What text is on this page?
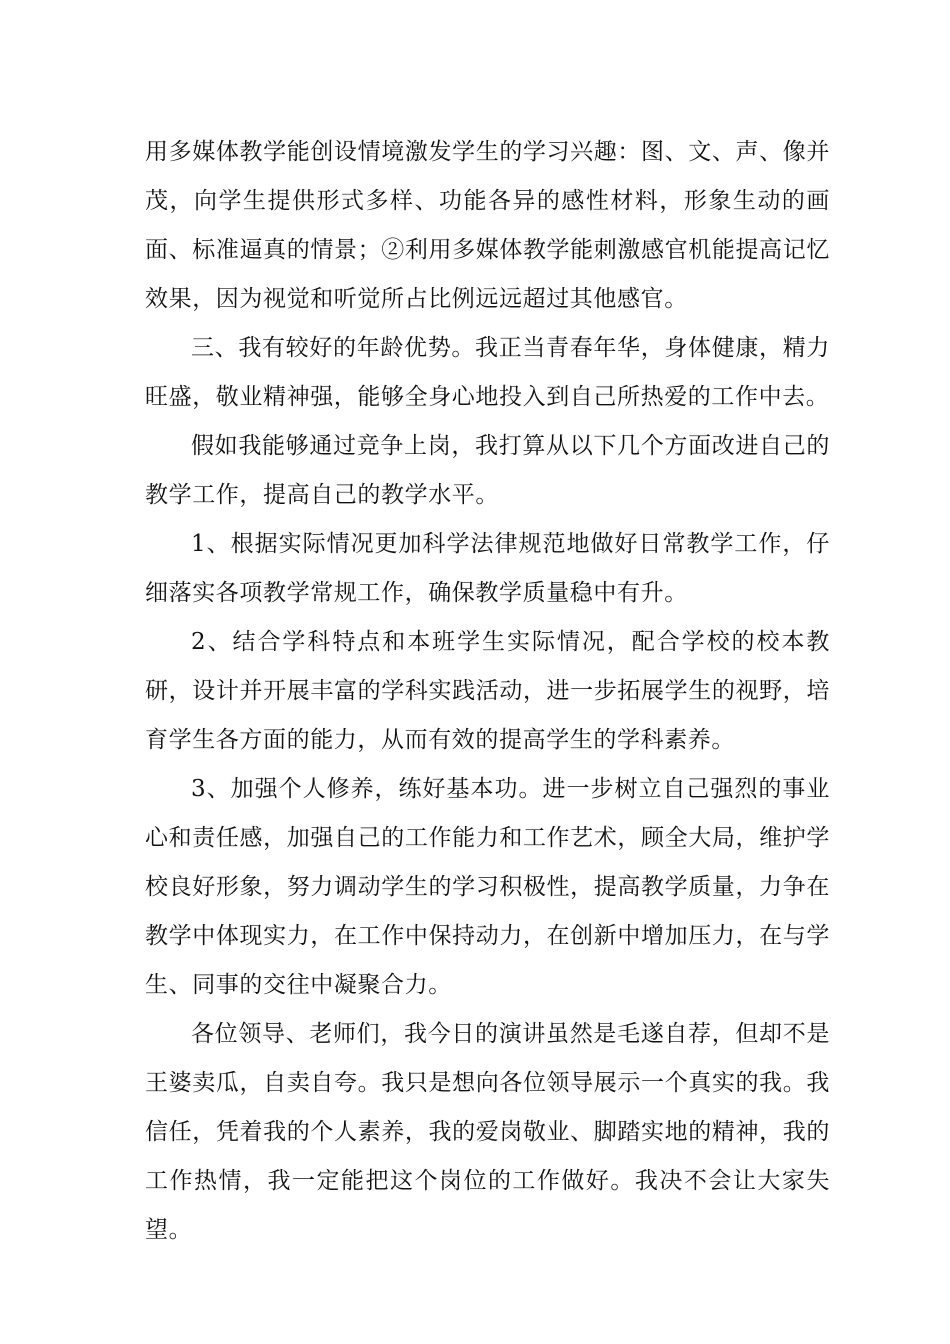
用多媒体教学能创设情境激发学生的学习兴趣：图、文、声、像并茂，向学生提供形式多样、功能各异的感性材料，形象生动的画面、标准逼真的情景；②利用多媒体教学能刺激感官机能提高记忆效果，因为视觉和听觉所占比例远远超过其他感官。

三、我有较好的年龄优势。我正当青春年华，身体健康，精力旺盛，敬业精神强，能够全身心地投入到自己所热爱的工作中去。

假如我能够通过竞争上岗，我打算从以下几个方面改进自己的教学工作，提高自己的教学水平。

1、根据实际情况更加科学法律规范地做好日常教学工作，仔细落实各项教学常规工作，确保教学质量稳中有升。

2、结合学科特点和本班学生实际情况，配合学校的校本教研，设计并开展丰富的学科实践活动，进一步拓展学生的视野，培育学生各方面的能力，从而有效的提高学生的学科素养。

3、加强个人修养，练好基本功。进一步树立自己强烈的事业心和责任感，加强自己的工作能力和工作艺术，顾全大局，维护学校良好形象，努力调动学生的学习积极性，提高教学质量，力争在教学中体现实力，在工作中保持动力，在创新中增加压力，在与学生、同事的交往中凝聚合力。

各位领导、老师们，我今日的演讲虽然是毛遂自荐，但却不是王婆卖瓜，自卖自夸。我只是想向各位领导展示一个真实的我。我信任，凭着我的个人素养，我的爱岗敬业、脚踏实地的精神，我的工作热情，我一定能把这个岗位的工作做好。我决不会让大家失望。
